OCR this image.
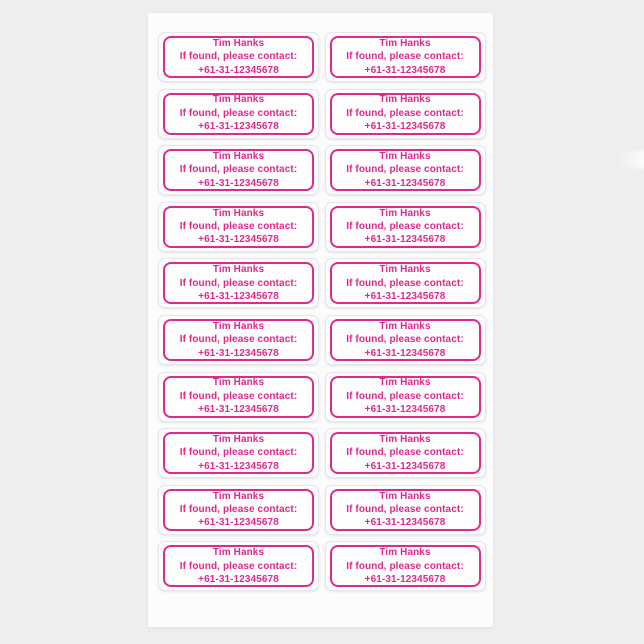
Tim Hanks
If found, please contact:
+61-31-12345678
Tim Hanks
If found, please contact:
+61-31-12345678
Tim Hanks
If found, please contact:
+61-31-12345678
Tim Hanks
If found, please contact:
+61-31-12345678
Tim Hanks
If found, please contact:
+61-31-12345678
Tim Hanks
If found, please contact:
+61-31-12345678
Tim Hanks
If found, please contact:
+61-31-12345678
Tim Hanks
If found, please contact:
+61-31-12345678
Tim Hanks
If found, please contact:
+61-31-12345678
Tim Hanks
If found, please contact:
+61-31-12345678
Tim Hanks
If found, please contact:
+61-31-12345678
Tim Hanks
If found, please contact:
+61-31-12345678
Tim Hanks
If found, please contact:
+61-31-12345678
Tim Hanks
If found, please contact:
+61-31-12345678
Tim Hanks
If found, please contact:
+61-31-12345678
Tim Hanks
If found, please contact:
+61-31-12345678
Tim Hanks
If found, please contact:
+61-31-12345678
Tim Hanks
If found, please contact:
+61-31-12345678
Tim Hanks
If found, please contact:
+61-31-12345678
Tim Hanks
If found, please contact:
+61-31-12345678
